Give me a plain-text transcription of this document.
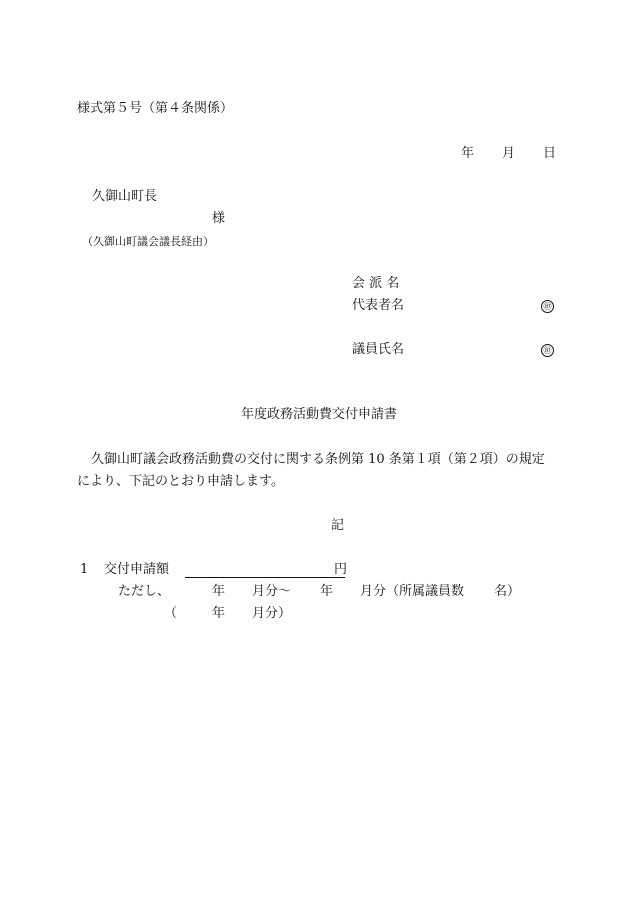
様式第５号（第４条関係）
年 月 日
久御山町長
様
（久御山町議会議長経由）
会 派 名
代表者名	㊞
議員氏名	㊞
年度政務活動費交付申請書
久御山町議会政務活動費の交付に関する条例第 10 条第１項（第２項）の規定
により、下記のとおり申請します。
記
1 交付申請額	円
ただし、	年 月分～ 年 月分（所属議員数 名）
（	年 月分）
